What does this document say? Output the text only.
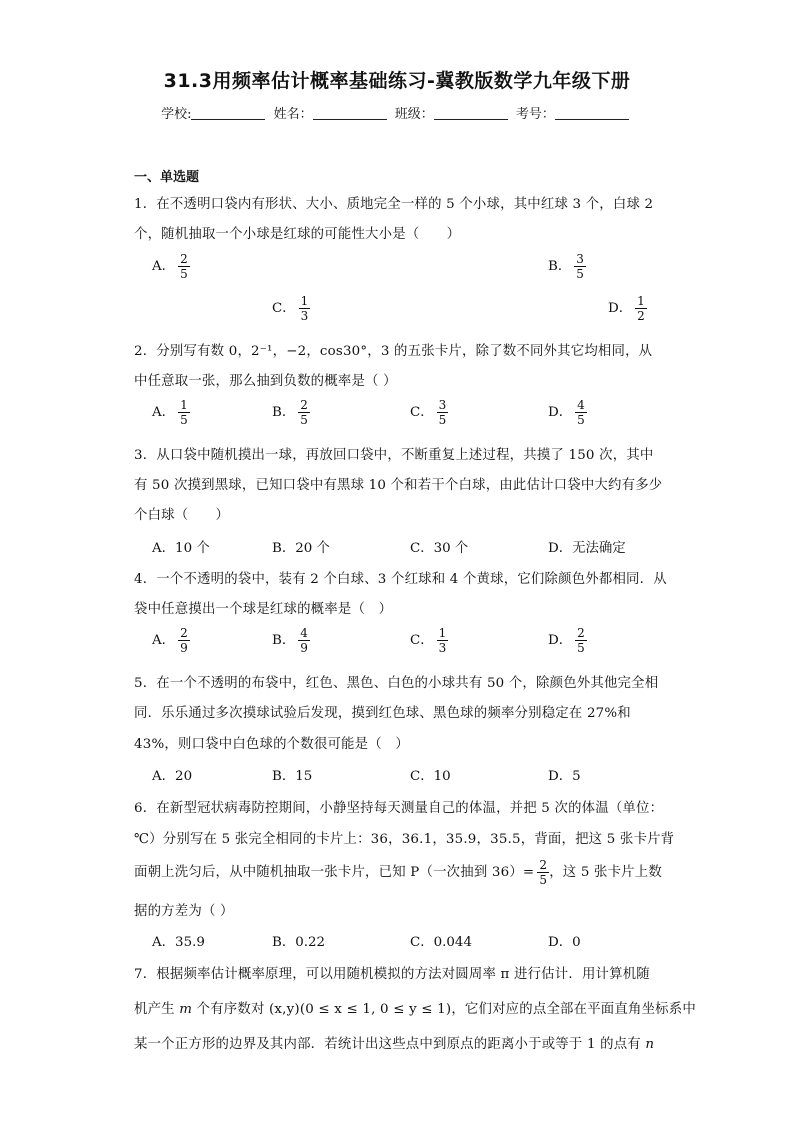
31.3用频率估计概率基础练习-冀教版数学九年级下册
学校:	姓名：	班级：	考号：
一、单选题
1．在不透明口袋内有形状、大小、质地完全一样的 5 个小球，其中红球 3 个，白球 2
个，随机抽取一个小球是红球的可能性大小是（　　）
A． $\frac{2}{5}$	B． $\frac{3}{5}$
C． $\frac{1}{3}$	D． $\frac{1}{2}$
2．分别写有数 0，2⁻¹，−2，cos30°，3 的五张卡片，除了数不同外其它均相同，从
中任意取一张，那么抽到负数的概率是（ ）
A． $\frac{1}{5}$	B． $\frac{2}{5}$	C． $\frac{3}{5}$	D． $\frac{4}{5}$
3．从口袋中随机摸出一球，再放回口袋中，不断重复上述过程，共摸了 150 次，其中
有 50 次摸到黑球，已知口袋中有黑球 10 个和若干个白球，由此估计口袋中大约有多少
个白球（　　）
A．10 个	B．20 个	C．30 个	D．无法确定
4．一个不透明的袋中，装有 2 个白球、3 个红球和 4 个黄球，它们除颜色外都相同．从
袋中任意摸出一个球是红球的概率是（　）
A． $\frac{2}{9}$	B． $\frac{4}{9}$	C． $\frac{1}{3}$	D． $\frac{2}{5}$
5．在一个不透明的布袋中，红色、黑色、白色的小球共有 50 个，除颜色外其他完全相
同．乐乐通过多次摸球试验后发现，摸到红色球、黑色球的频率分别稳定在 27%和
43%，则口袋中白色球的个数很可能是（　）
A．20	B．15	C．10	D．5
6．在新型冠状病毒防控期间，小静坚持每天测量自己的体温，并把 5 次的体温（单位：
℃）分别写在 5 张完全相同的卡片上：36，36.1，35.9，35.5，背面，把这 5 张卡片背
面朝上洗匀后，从中随机抽取一张卡片，已知 P（一次抽到 $36)= \frac{2}{5}$ ，这 5 张卡片上数
据的方差为（ ）
A．35.9	B．0.22	C．0.044	D．0
7．根据频率估计概率原理，可以用随机模拟的方法对圆周率 π 进行估计．用计算机随
机产生 m 个有序数对 (x,y)(0 ≤ x ≤ 1, 0 ≤ y ≤ 1)，它们对应的点全部在平面直角坐标系中
某一个正方形的边界及其内部．若统计出这些点中到原点的距离小于或等于 1 的点有 n
